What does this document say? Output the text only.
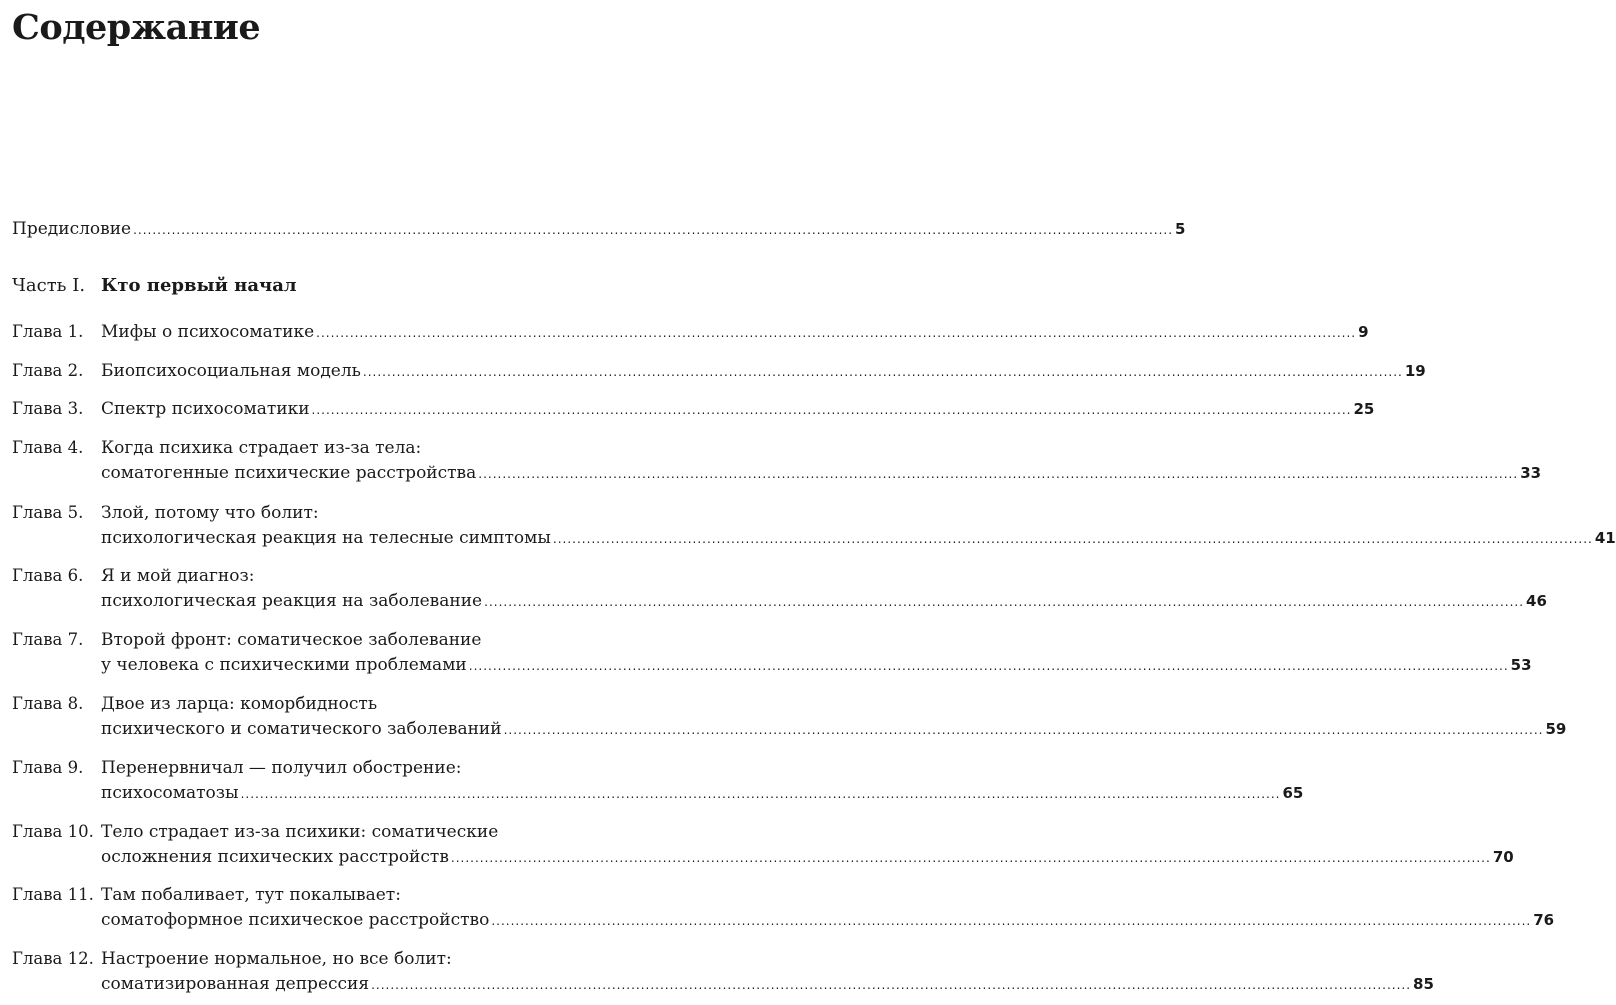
Содержание
Предисловие ........................................................................................................................................................................................................................ 5
Часть I. Кто первый начал
Глава 1. Мифы о психосоматике ........................................................................................................................................................................................................................ 9
Глава 2. Биопсихосоциальная модель ........................................................................................................................................................................................................................ 19
Глава 3. Спектр психосоматики ........................................................................................................................................................................................................................ 25
Глава 4. Когда психика страдает из-за тела:
соматогенные психические расстройства ........................................................................................................................................................................................................................ 33
Глава 5. Злой, потому что болит:
психологическая реакция на телесные симптомы ........................................................................................................................................................................................................................ 41
Глава 6. Я и мой диагноз:
психологическая реакция на заболевание ........................................................................................................................................................................................................................ 46
Глава 7. Второй фронт: соматическое заболевание
у человека с психическими проблемами ........................................................................................................................................................................................................................ 53
Глава 8. Двое из ларца: коморбидность
психического и соматического заболеваний ........................................................................................................................................................................................................................ 59
Глава 9. Перенервничал — получил обострение:
психосоматозы ........................................................................................................................................................................................................................ 65
Глава 10. Тело страдает из-за психики: соматические
осложнения психических расстройств ........................................................................................................................................................................................................................ 70
Глава 11. Там побаливает, тут покалывает:
соматоформное психическое расстройство ........................................................................................................................................................................................................................ 76
Глава 12. Настроение нормальное, но все болит:
соматизированная депрессия ........................................................................................................................................................................................................................ 85
